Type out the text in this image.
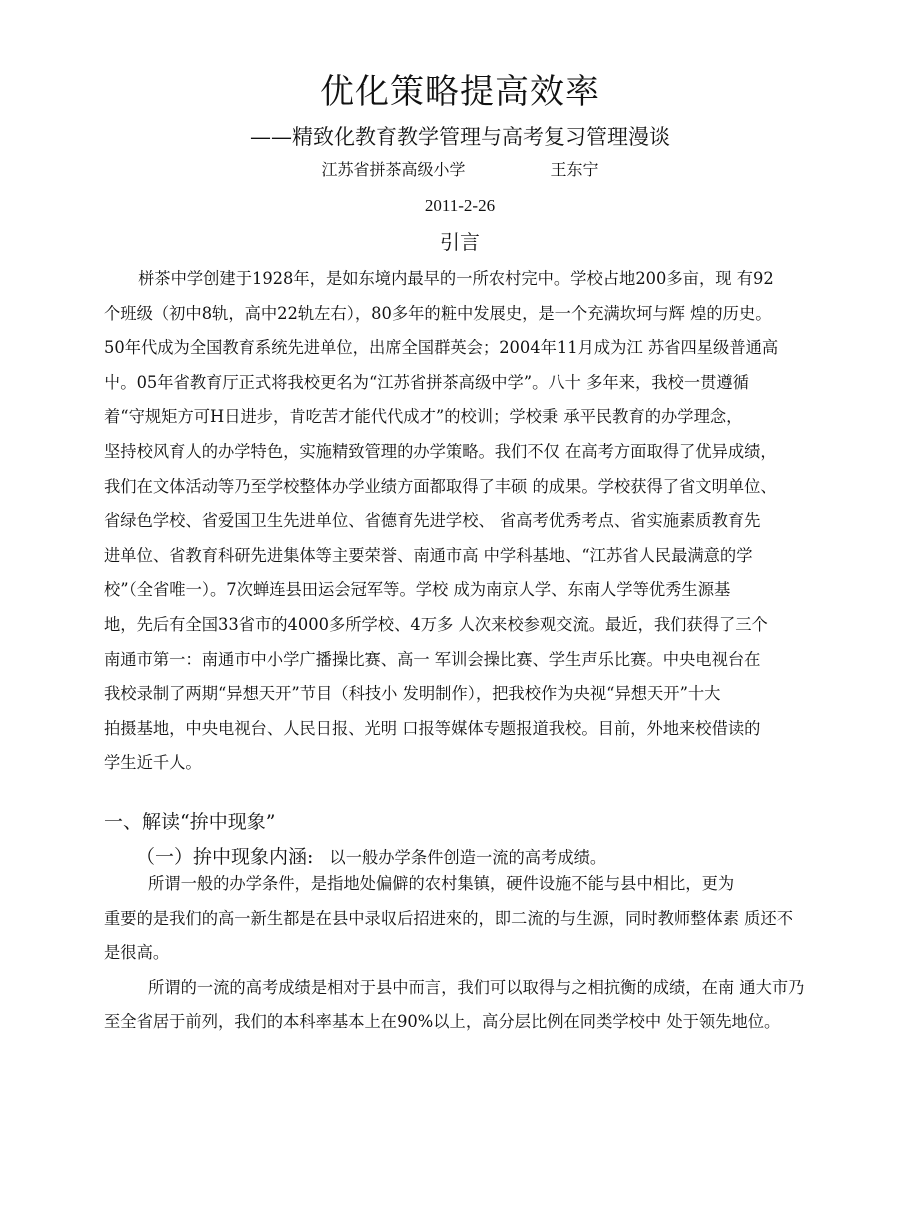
优化策略提高效率
——精致化教育教学管理与高考复习管理漫谈
江苏省拼茶高级小学	王东宁
2011-2-26
引言
栟茶中学创建于1928年，是如东境内最早的一所农村完中。学校占地200多亩，现 有92
个班级（初中8轨，高中22轨左右），80多年的粧中发展史，是一个充满坎坷与辉 煌的历史。
50年代成为全国教育系统先进单位，出席全国群英会；2004年11月成为江 苏省四星级普通高
屮。05年省教育厅正式将我校更名为“江苏省拼茶高级中学”。八十 多年来，我校一贯遵循
着“守规矩方可H日进步，肯吃苦才能代代成才”的校训；学校秉 承平民教育的办学理念，
坚持校风育人的办学特色，实施精致管理的办学策略。我们不仅 在高考方面取得了优异成绩，
我们在文体活动等乃至学校整体办学业绩方面都取得了丰硕 的成果。学校获得了省文明单位、
省绿色学校、省爱国卫生先进单位、省德育先进学校、 省高考优秀考点、省实施素质教育先
进单位、省教育科研先进集体等主要荣誉、南通市高 中学科基地、“江苏省人民最满意的学
校”（全省唯一）。7次蝉连县田运会冠军等。学校 成为南京人学、东南人学等优秀生源基
地，先后有全国33省市的4000多所学校、4万多 人次来校参观交流。最近，我们获得了三个
南通市第一：南通市中小学广播操比赛、高一 军训会操比赛、学生声乐比赛。中央电视台在
我校录制了两期“异想天开”节目（科技小 发明制作），把我校作为央视“异想天开”十大
拍摄基地，中央电视台、人民日报、光明 口报等媒体专题报道我校。目前，外地来校借读的
学生近千人。
一、解读“拚中现象”
（一）拚中现象内涵: 以一般办学条件创造一流的高考成绩。
所谓一般的办学条件，是指地处偏僻的农村集镇，硬件设施不能与县中相比，更为
重要的是我们的高一新生都是在县中录収后招进來的，即二流的与生源，同时教师整体素 质还不
是很高。
所谓的一流的高考成绩是相对于县中而言，我们可以取得与之相抗衡的成绩，在南 通大市乃
至全省居于前列，我们的本科率基本上在90%以上，高分层比例在同类学校中 处于领先地位。
